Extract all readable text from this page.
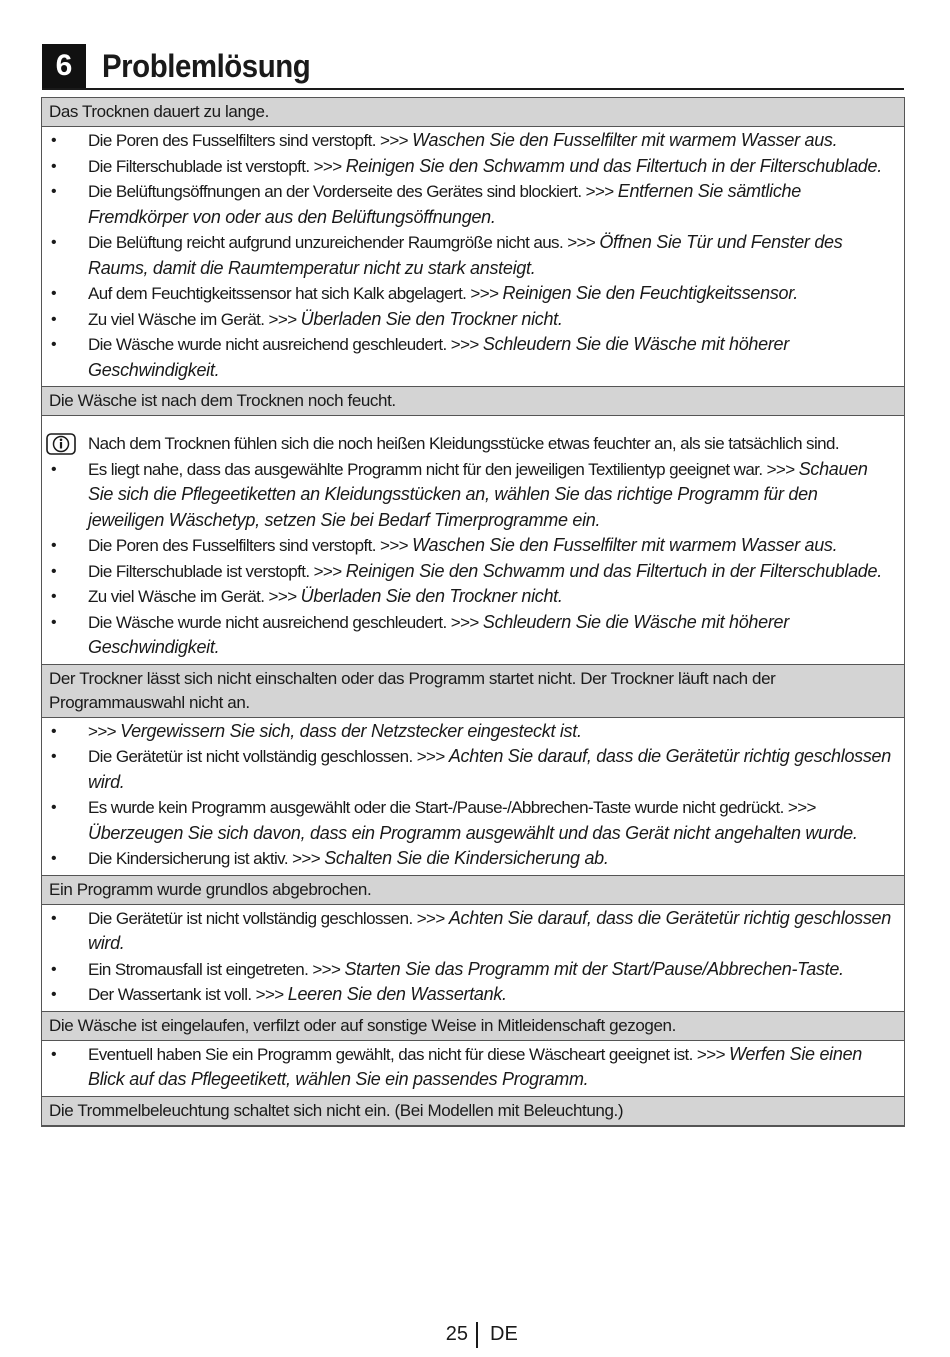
6 Problemlösung
Das Trocknen dauert zu lange.
• Die Poren des Fusselfilters sind verstopft. >>> Waschen Sie den Fusselfilter mit warmem Wasser aus.
• Die Filterschublade ist verstopft. >>> Reinigen Sie den Schwamm und das Filtertuch in der Filterschublade.
• Die Belüftungsöffnungen an der Vorderseite des Gerätes sind blockiert. >>> Entfernen Sie sämtliche Fremdkörper von oder aus den Belüftungsöffnungen.
• Die Belüftung reicht aufgrund unzureichender Raumgröße nicht aus. >>> Öffnen Sie Tür und Fenster des Raums, damit die Raumtemperatur nicht zu stark ansteigt.
• Auf dem Feuchtigkeitssensor hat sich Kalk abgelagert. >>> Reinigen Sie den Feuchtigkeitssensor.
• Zu viel Wäsche im Gerät. >>> Überladen Sie den Trockner nicht.
• Die Wäsche wurde nicht ausreichend geschleudert. >>> Schleudern Sie die Wäsche mit höherer Geschwindigkeit.
Die Wäsche ist nach dem Trocknen noch feucht.
Nach dem Trocknen fühlen sich die noch heißen Kleidungsstücke etwas feuchter an, als sie tatsächlich sind.
• Es liegt nahe, dass das ausgewählte Programm nicht für den jeweiligen Textilientyp geeignet war. >>> Schauen Sie sich die Pflegeetiketten an Kleidungsstücken an, wählen Sie das richtige Programm für den jeweiligen Wäschetyp, setzen Sie bei Bedarf Timerprogramme ein.
• Die Poren des Fusselfilters sind verstopft. >>> Waschen Sie den Fusselfilter mit warmem Wasser aus.
• Die Filterschublade ist verstopft. >>> Reinigen Sie den Schwamm und das Filtertuch in der Filterschublade.
• Zu viel Wäsche im Gerät. >>> Überladen Sie den Trockner nicht.
• Die Wäsche wurde nicht ausreichend geschleudert. >>> Schleudern Sie die Wäsche mit höherer Geschwindigkeit.
Der Trockner lässt sich nicht einschalten oder das Programm startet nicht. Der Trockner läuft nach der Programmauswahl nicht an.
• >>> Vergewissern Sie sich, dass der Netzstecker eingesteckt ist.
• Die Gerätetür ist nicht vollständig geschlossen. >>> Achten Sie darauf, dass die Gerätetür richtig geschlossen wird.
• Es wurde kein Programm ausgewählt oder die Start-/Pause-/Abbrechen-Taste wurde nicht gedrückt. >>> Überzeugen Sie sich davon, dass ein Programm ausgewählt und das Gerät nicht angehalten wurde.
• Die Kindersicherung ist aktiv. >>> Schalten Sie die Kindersicherung ab.
Ein Programm wurde grundlos abgebrochen.
• Die Gerätetür ist nicht vollständig geschlossen. >>> Achten Sie darauf, dass die Gerätetür richtig geschlossen wird.
• Ein Stromausfall ist eingetreten. >>> Starten Sie das Programm mit der Start/Pause/Abbrechen-Taste.
• Der Wassertank ist voll. >>> Leeren Sie den Wassertank.
Die Wäsche ist eingelaufen, verfilzt oder auf sonstige Weise in Mitleidenschaft gezogen.
• Eventuell haben Sie ein Programm gewählt, das nicht für diese Wäscheart geeignet ist. >>> Werfen Sie einen Blick auf das Pflegeetikett, wählen Sie ein passendes Programm.
Die Trommelbeleuchtung schaltet sich nicht ein. (Bei Modellen mit Beleuchtung.)
25 DE
